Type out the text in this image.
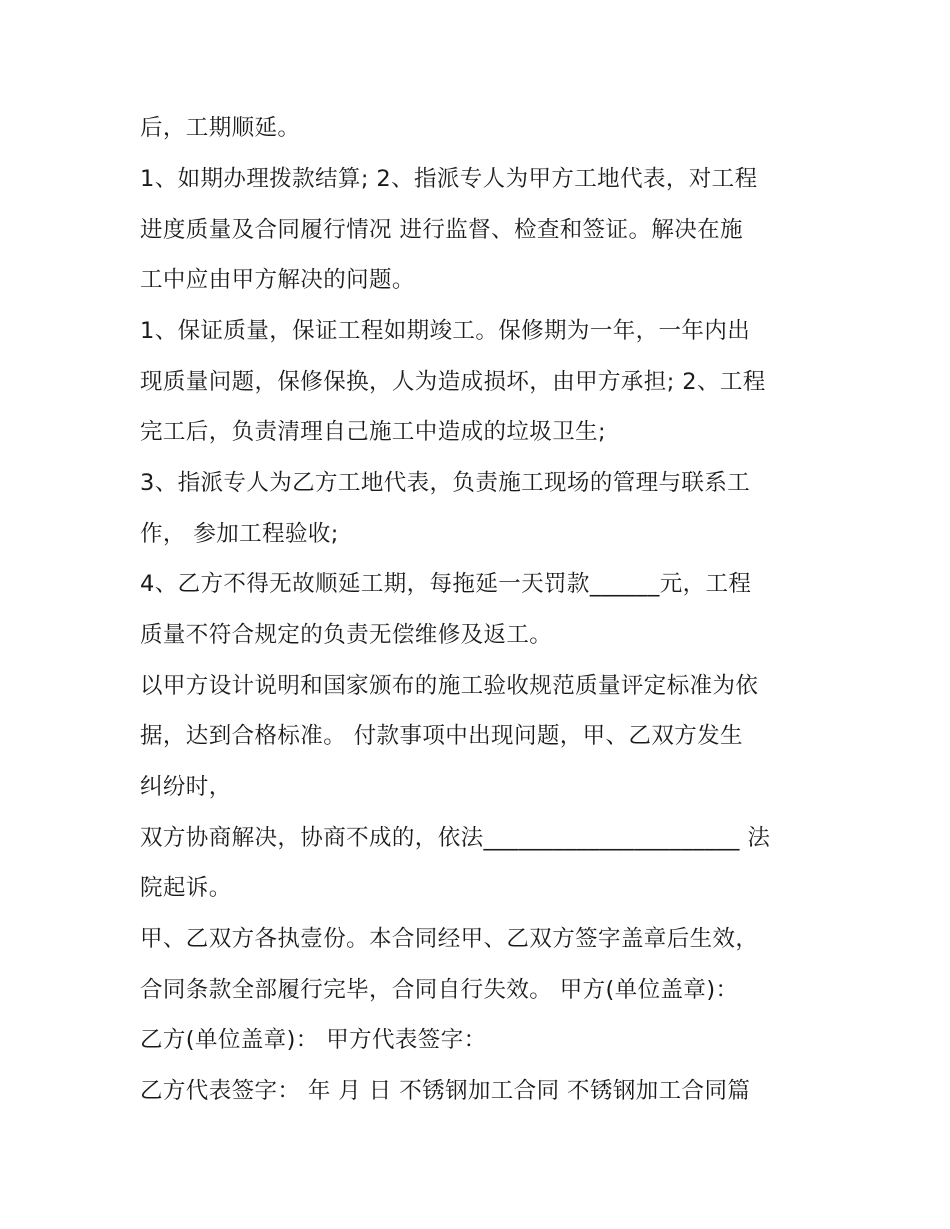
后，工期顺延。
1、如期办理拨款结算; 2、指派专人为甲方工地代表，对工程
进度质量及合同履行情况 进行监督、检查和签证。解决在施
工中应由甲方解决的问题。
1、保证质量，保证工程如期竣工。保修期为一年，一年内出
现质量问题，保修保换，人为造成损坏，由甲方承担; 2、工程
完工后，负责清理自己施工中造成的垃圾卫生;
3、指派专人为乙方工地代表，负责施工现场的管理与联系工
作， 参加工程验收;
4、乙方不得无故顺延工期，每拖延一天罚款______元，工程
质量不符合规定的负责无偿维修及返工。
以甲方设计说明和国家颁布的施工验收规范质量评定标准为依
据，达到合格标准。 付款事项中出现问题，甲、乙双方发生
纠纷时，
双方协商解决，协商不成的，依法______________________ 法
院起诉。
甲、乙双方各执壹份。本合同经甲、乙双方签字盖章后生效，
合同条款全部履行完毕，合同自行失效。 甲方(单位盖章)：
乙方(单位盖章)： 甲方代表签字：
乙方代表签字： 年 月 日 不锈钢加工合同 不锈钢加工合同篇
